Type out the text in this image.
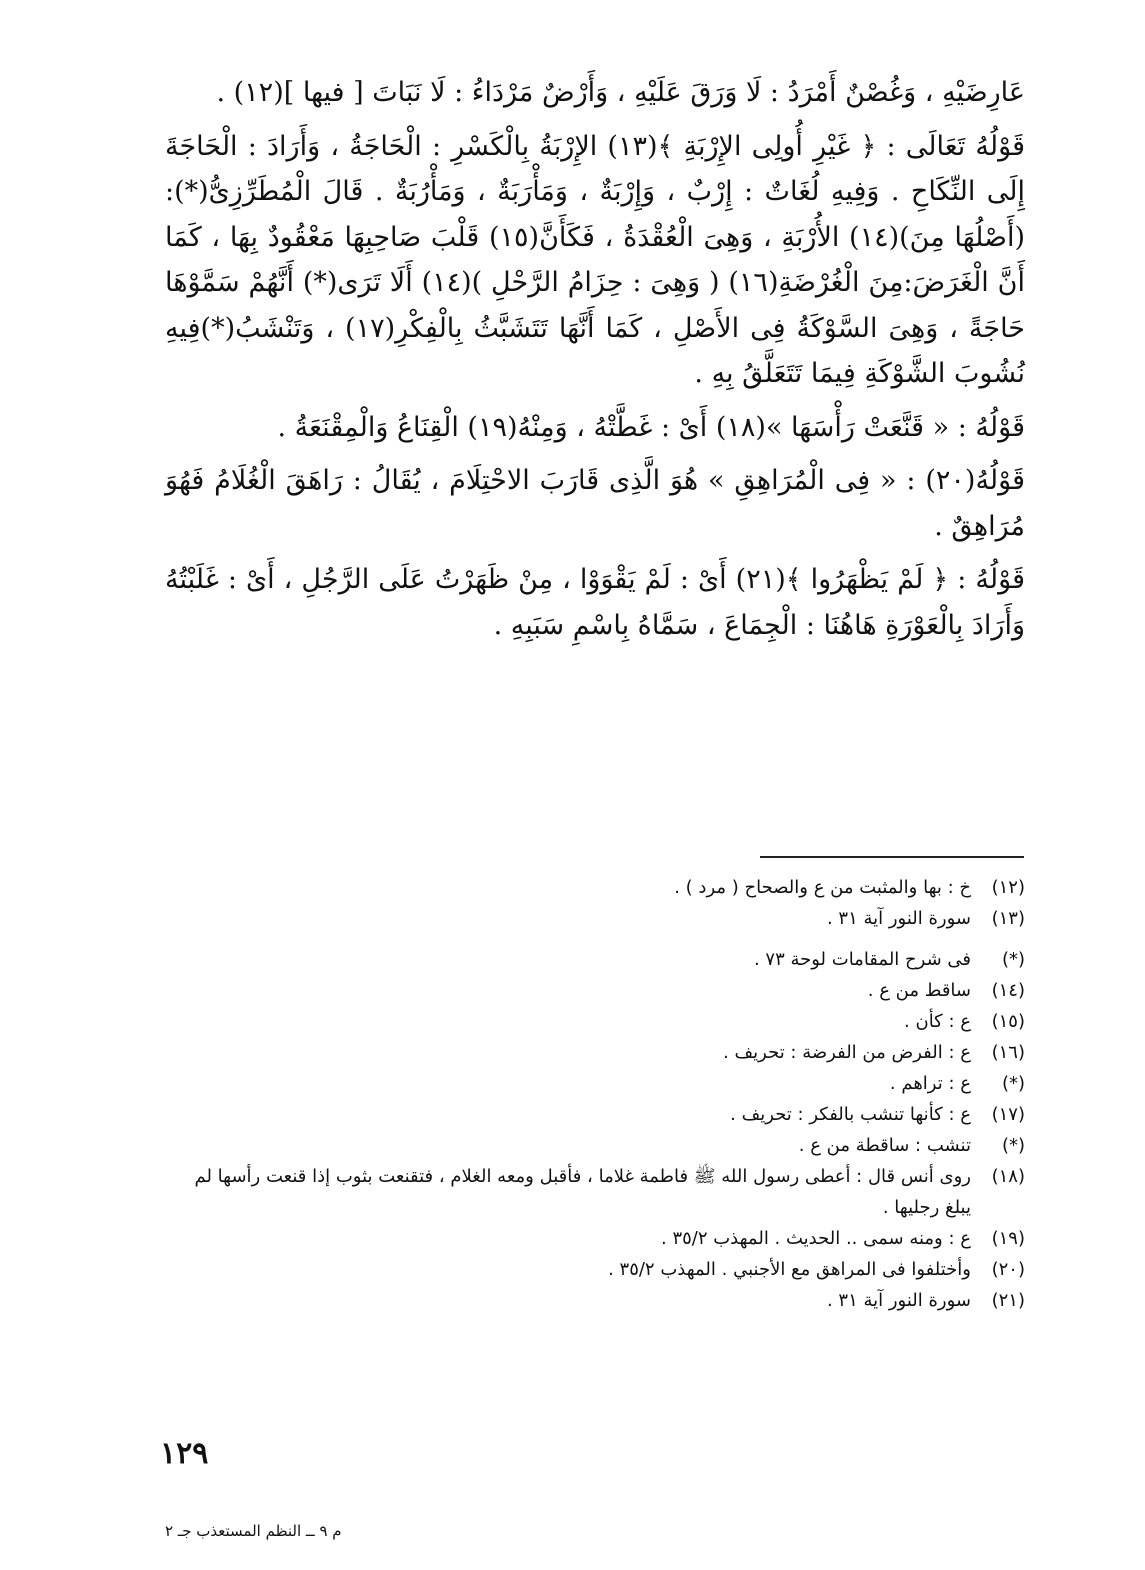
عَارِضَيْهِ ، وَغُصْنٌ أَمْرَدُ : لَا وَرَقَ عَلَيْهِ ، وَأَرْضٌ مَرْدَاءُ : لَا نَبَاتَ [ فيها ](١٢) .

قَوْلُهُ تَعَالَى : ﴿ غَيْرِ أُولِى الإِرْبَةِ ﴾(١٣) الإِرْبَةُ بِالْكَسْرِ : الْحَاجَةُ ، وَأَرَادَ : الْحَاجَةَ إِلَى النِّكَاحِ . وَفِيهِ لُغَاتٌ : إِرْبٌ ، وَإِرْبَةٌ ، وَمَأْرَبَةٌ ، وَمَأْرُبَةٌ . قَالَ الْمُطَرِّزِىُّ(*): (أَصْلُهَا مِنَ)(١٤) الأُرْبَةِ ، وَهِىَ الْعُقْدَةُ ، فَكَأَنَّ(١٥) قَلْبَ صَاحِبِهَا مَعْقُودٌ بِهَا ، كَمَا أَنَّ الْغَرَضَ:مِنَ الْغُرْضَةِ(١٦) ( وَهِىَ : حِزَامُ الرَّحْلِ )(١٤) أَلَا تَرَى(*) أَنَّهُمْ سَمَّوْهَا حَاجَةً ، وَهِىَ السَّوْكَةُ فِى الأَصْلِ ، كَمَا أَنَّهَا تَتَشَبَّثُ بِالْفِكْرِ(١٧) ، وَتَنْشَبُ(*)فِيهِ نُشُوبَ الشَّوْكَةِ فِيمَا تَتَعَلَّقُ بِهِ .

قَوْلُهُ : « قَنَّعَتْ رَأْسَهَا »(١٨) أَىْ : غَطَّتْهُ ، وَمِنْهُ(١٩) الْقِنَاعُ وَالْمِقْنَعَةُ .

قَوْلُهُ(٢٠) : « فِى الْمُرَاهِقِ » هُوَ الَّذِى قَارَبَ الاحْتِلَامَ ، يُقَالُ : رَاهَقَ الْغُلَامُ فَهُوَ مُرَاهِقٌ .

قَوْلُهُ : ﴿ لَمْ يَظْهَرُوا ﴾(٢١) أَىْ : لَمْ يَقْوَوْا ، مِنْ ظَهَرْتُ عَلَى الرَّجُلِ ، أَىْ : غَلَبْتُهُ وَأَرَادَ بِالْعَوْرَةِ هَاهُنَا : الْجِمَاعَ ، سَمَّاهُ بِاسْمِ سَبَبِهِ .

(١٢)
خ : بها والمثبت من ع والصحاح ( مرد ) .
(١٣)
سورة النور آية ٣١ .
(*)
فى شرح المقامات لوحة ٧٣ .
(١٤)
ساقط من ع .
(١٥)
ع : كأن .
(١٦)
ع : الفرض من الفرضة : تحريف .
(*)
ع : تراهم .
(١٧)
ع : كأنها تنشب بالفكر : تحريف .
(*)
تنشب : ساقطة من ع .
(١٨)
روى أنس قال : أعطى رسول الله ﷺ فاطمة غلاما ، فأقبل ومعه الغلام ، فتقنعت بثوب إذا قنعت رأسها لم يبلغ رجليها .
(١٩)
ع : ومنه سمى .. الحديث . المهذب ٣٥/٢ .
(٢٠)
وأختلفوا فى المراهق مع الأجنبي . المهذب ٣٥/٢ .
(٢١)
سورة النور آية ٣١ .
١٢٩
م ٩ ــ النظم المستعذب جـ ٢
